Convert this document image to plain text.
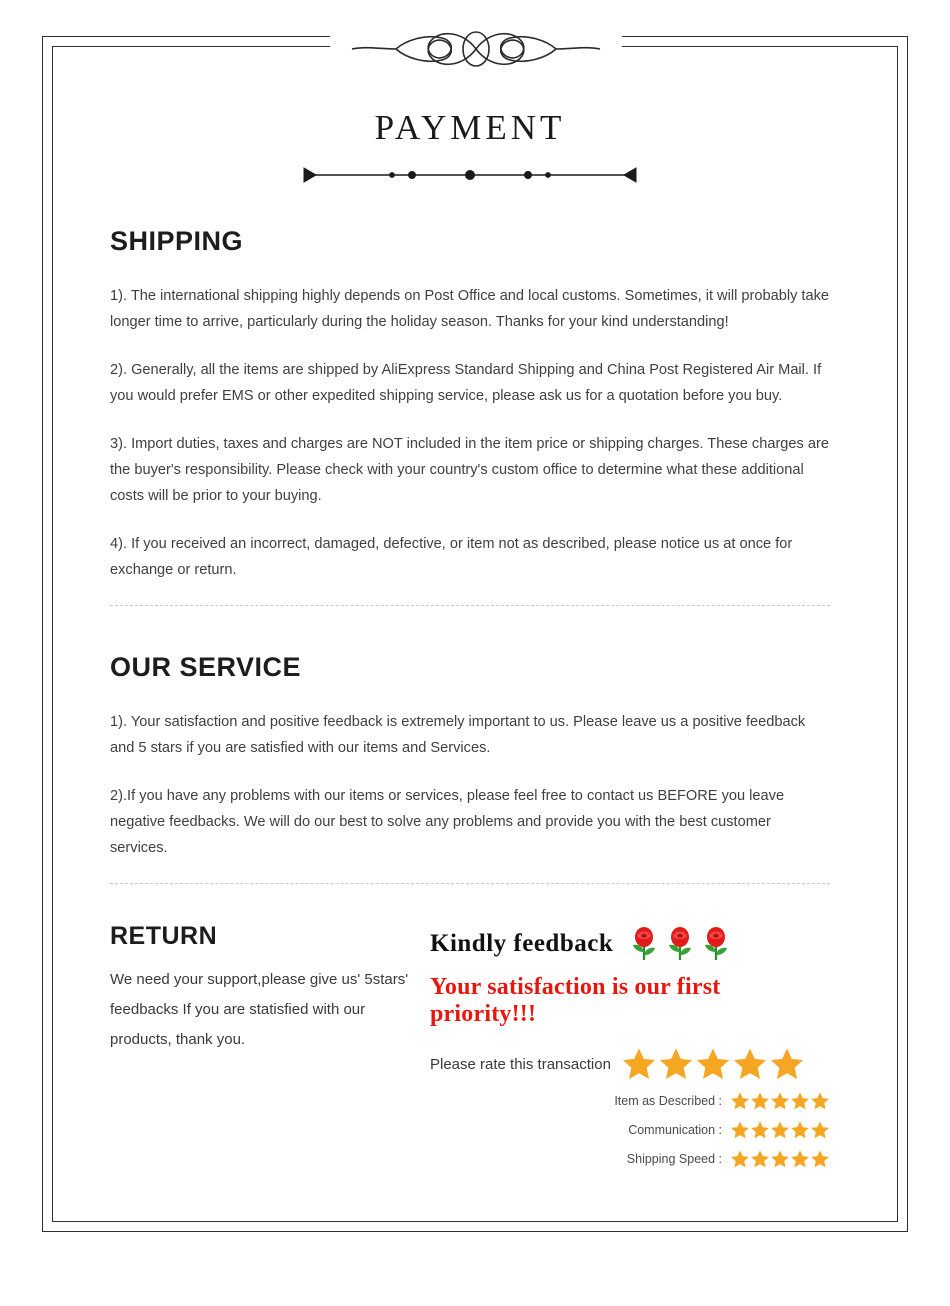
PAYMENT
SHIPPING

1). The international shipping highly depends on Post Office and local customs. Sometimes, it will probably take longer time to arrive, particularly during the holiday season. Thanks for your kind understanding!

2). Generally, all the items are shipped by AliExpress Standard Shipping and China Post Registered Air Mail. If you would prefer EMS or other expedited shipping service, please ask us for a quotation before you buy.

3). Import duties, taxes and charges are NOT included in the item price or shipping charges. These charges are the buyer's responsibility. Please check with your country's custom office to determine what these additional costs will be prior to your buying.

4). If you received an incorrect, damaged, defective, or item not as described, please notice us at once for exchange or return.

OUR SERVICE

1). Your satisfaction and positive feedback is extremely important to us. Please leave us a positive feedback and 5 stars if you are satisfied with our items and Services.

2).If you have any problems with our items or services, please feel free to contact us BEFORE you leave negative feedbacks. We will do our best to solve any problems and provide you with the best customer services.

RETURN

We need your support,please give us' 5stars' feedbacks If you are statisfied with our products, thank you.

Kindly feedback
Your satisfaction is our first priority!!!
Please rate this transaction
Item as Described :
Communication :
Shipping Speed :
